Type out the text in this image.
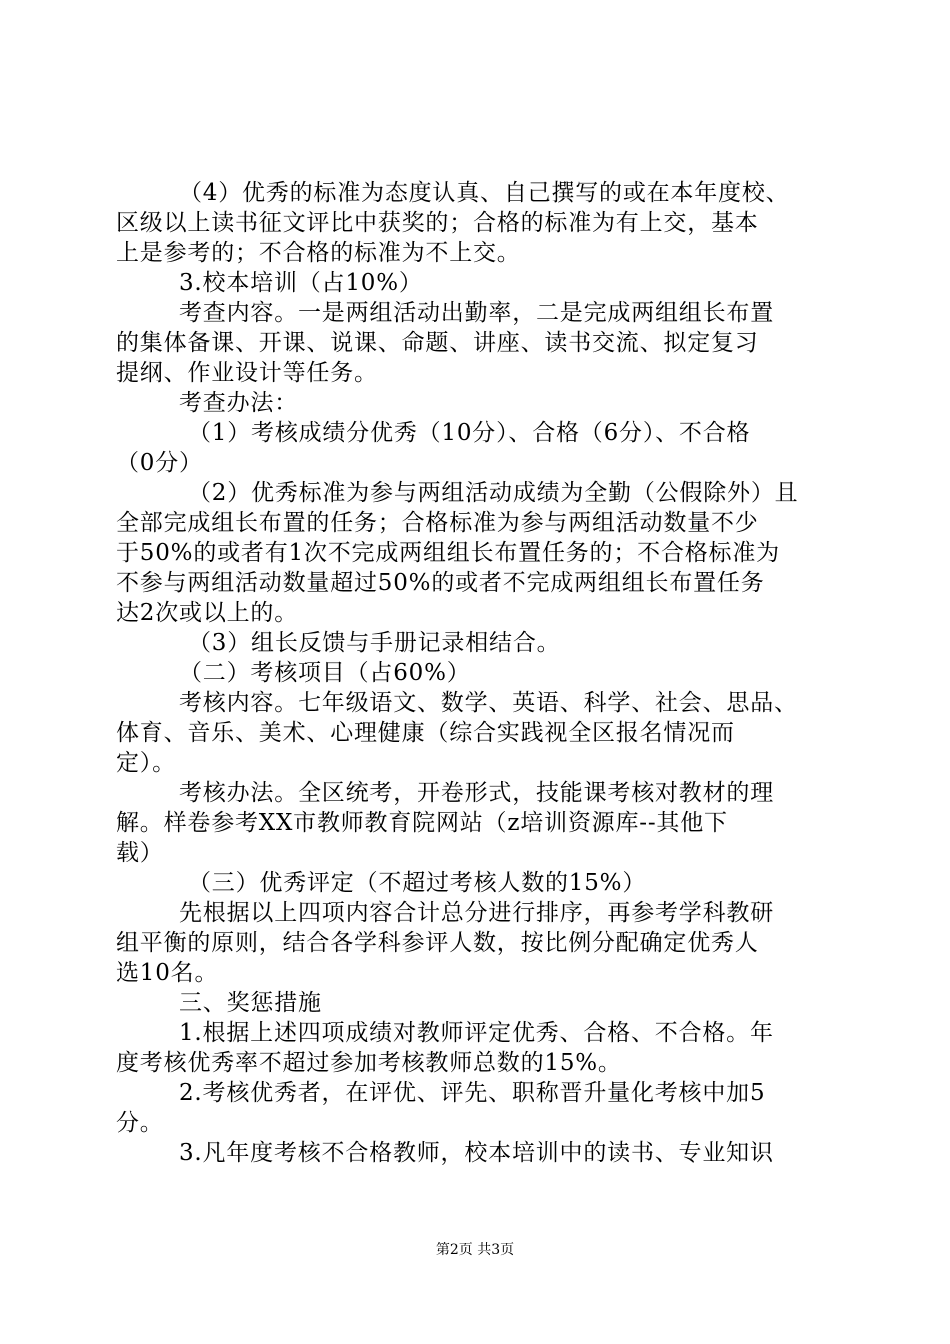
（4）优秀的标准为态度认真、自己撰写的或在本年度校、
区级以上读书征文评比中获奖的；合格的标准为有上交，基本
上是参考的；不合格的标准为不上交。
3.校本培训（占10%）
考查内容。一是两组活动出勤率，二是完成两组组长布置
的集体备课、开课、说课、命题、讲座、读书交流、拟定复习
提纲、作业设计等任务。
考查办法：
（1）考核成绩分优秀（10分）、合格（6分）、不合格
（0分）
（2）优秀标准为参与两组活动成绩为全勤（公假除外）且
全部完成组长布置的任务；合格标准为参与两组活动数量不少
于50%的或者有1次不完成两组组长布置任务的；不合格标准为
不参与两组活动数量超过50%的或者不完成两组组长布置任务
达2次或以上的。
（3）组长反馈与手册记录相结合。
（二）考核项目（占60%）
考核内容。七年级语文、数学、英语、科学、社会、思品、
体育、音乐、美术、心理健康（综合实践视全区报名情况而
定）。
考核办法。全区统考，开卷形式，技能课考核对教材的理
解。样卷参考XX市教师教育院网站（z培训资源库--其他下
载）
（三）优秀评定（不超过考核人数的15%）
先根据以上四项内容合计总分进行排序，再参考学科教研
组平衡的原则，结合各学科参评人数，按比例分配确定优秀人
选10名。
三、奖惩措施
1.根据上述四项成绩对教师评定优秀、合格、不合格。年
度考核优秀率不超过参加考核教师总数的15%。
2.考核优秀者，在评优、评先、职称晋升量化考核中加5
分。
3.凡年度考核不合格教师，校本培训中的读书、专业知识
第2页 共3页
